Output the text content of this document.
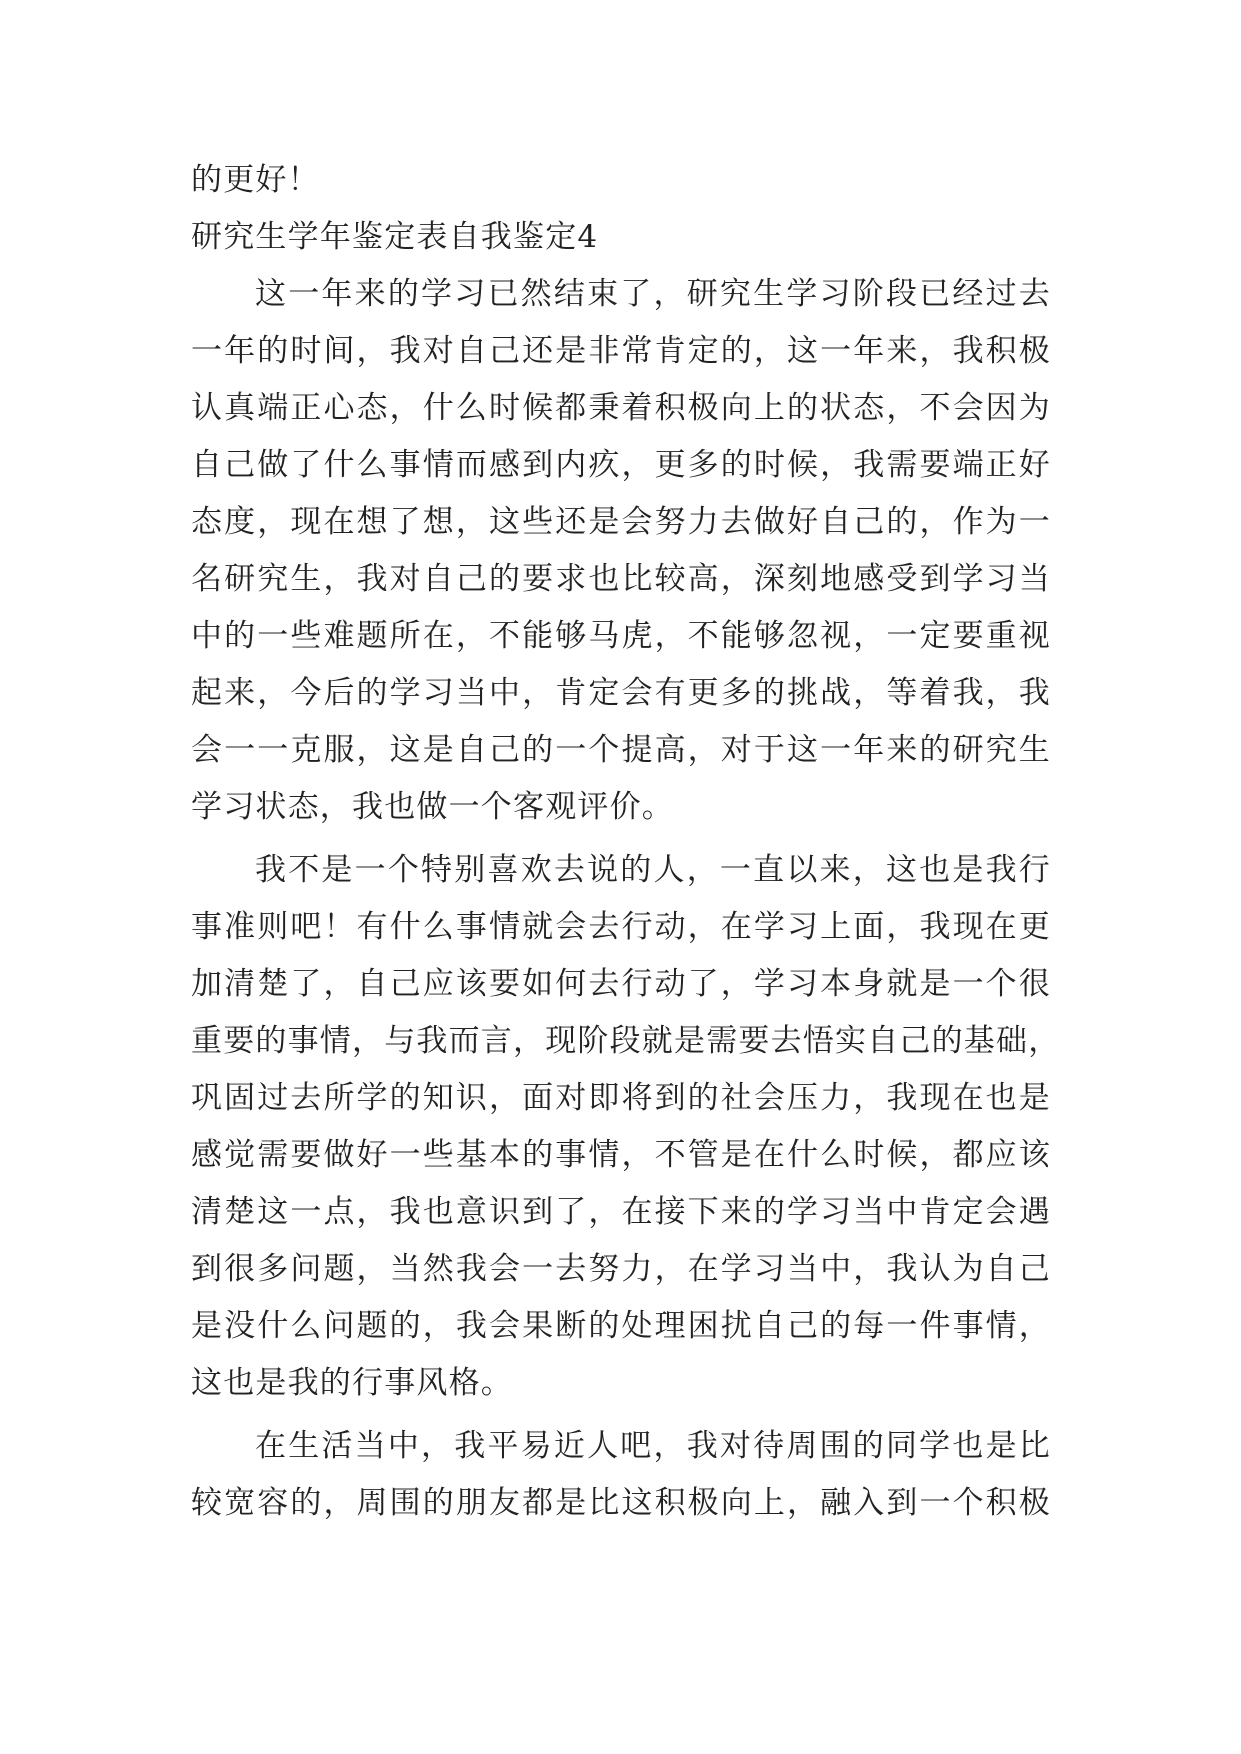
的更好！
研究生学年鉴定表自我鉴定4
这一年来的学习已然结束了，研究生学习阶段已经过去
一年的时间，我对自己还是非常肯定的，这一年来，我积极
认真端正心态，什么时候都秉着积极向上的状态，不会因为
自己做了什么事情而感到内疚，更多的时候，我需要端正好
态度，现在想了想，这些还是会努力去做好自己的，作为一
名研究生，我对自己的要求也比较高，深刻地感受到学习当
中的一些难题所在，不能够马虎，不能够忽视，一定要重视
起来，今后的学习当中，肯定会有更多的挑战，等着我，我
会一一克服，这是自己的一个提高，对于这一年来的研究生
学习状态，我也做一个客观评价。
我不是一个特别喜欢去说的人，一直以来，这也是我行
事准则吧！有什么事情就会去行动，在学习上面，我现在更
加清楚了，自己应该要如何去行动了，学习本身就是一个很
重要的事情，与我而言，现阶段就是需要去悟实自己的基础，
巩固过去所学的知识，面对即将到的社会压力，我现在也是
感觉需要做好一些基本的事情，不管是在什么时候，都应该
清楚这一点，我也意识到了，在接下来的学习当中肯定会遇
到很多问题，当然我会一去努力，在学习当中，我认为自己
是没什么问题的，我会果断的处理困扰自己的每一件事情，
这也是我的行事风格。
在生活当中，我平易近人吧，我对待周围的同学也是比
较宽容的，周围的朋友都是比这积极向上，融入到一个积极
